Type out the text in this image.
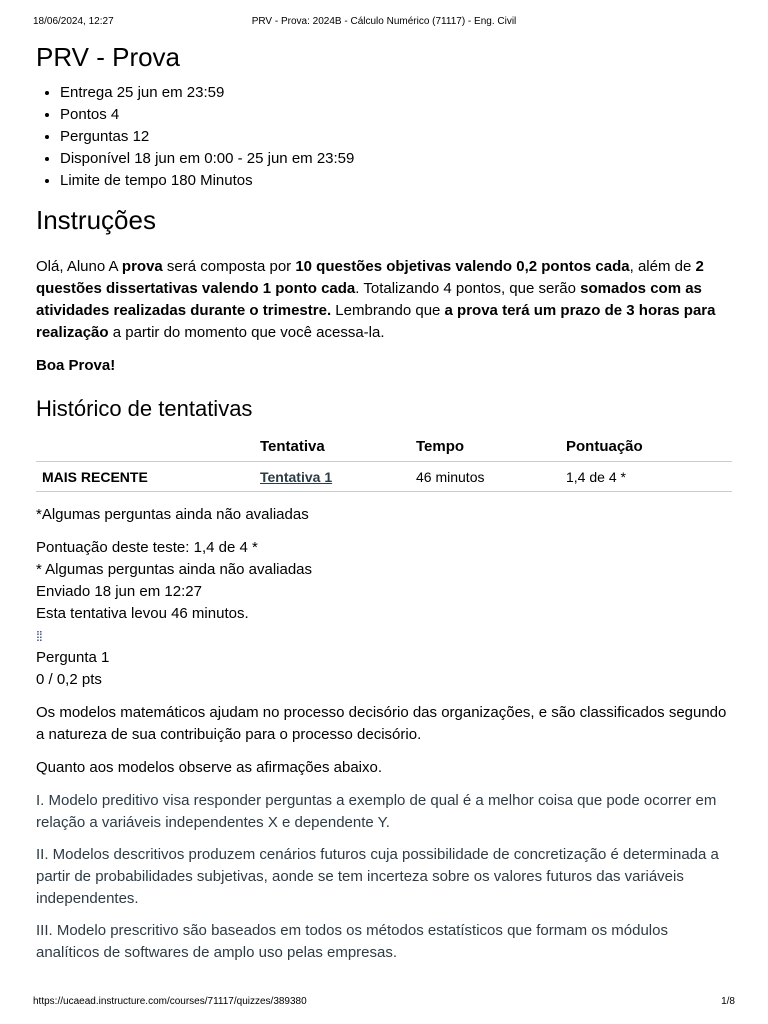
18/06/2024, 12:27	PRV - Prova: 2024B - Cálculo Numérico (71117) - Eng. Civil
PRV - Prova
• Entrega 25 jun em 23:59
• Pontos 4
• Perguntas 12
• Disponível 18 jun em 0:00 - 25 jun em 23:59
• Limite de tempo 180 Minutos
Instruções

Olá, Aluno A prova será composta por 10 questões objetivas valendo 0,2 pontos cada, além de 2 questões dissertativas valendo 1 ponto cada. Totalizando 4 pontos, que serão somados com as atividades realizadas durante o trimestre. Lembrando que a prova terá um prazo de 3 horas para realização a partir do momento que você acessa-la.

Boa Prova!

Histórico de tentativas
	Tentativa	Tempo	Pontuação
MAIS RECENTE	Tentativa 1	46 minutos	1,4 de 4 *
*Algumas perguntas ainda não avaliadas
Pontuação deste teste: 1,4 de 4 *
* Algumas perguntas ainda não avaliadas
Enviado 18 jun em 12:27
Esta tentativa levou 46 minutos.
⁞⁞
Pergunta 1
0 / 0,2 pts

Os modelos matemáticos ajudam no processo decisório das organizações, e são classificados segundo a natureza de sua contribuição para o processo decisório.

Quanto aos modelos observe as afirmações abaixo.

I. Modelo preditivo visa responder perguntas a exemplo de qual é a melhor coisa que pode ocorrer em relação a variáveis independentes X e dependente Y.

II. Modelos descritivos produzem cenários futuros cuja possibilidade de concretização é determinada a partir de probabilidades subjetivas, aonde se tem incerteza sobre os valores futuros das variáveis independentes.

III. Modelo prescritivo são baseados em todos os métodos estatísticos que formam os módulos analíticos de softwares de amplo uso pelas empresas.

https://ucaead.instructure.com/courses/71117/quizzes/389380	1/8
